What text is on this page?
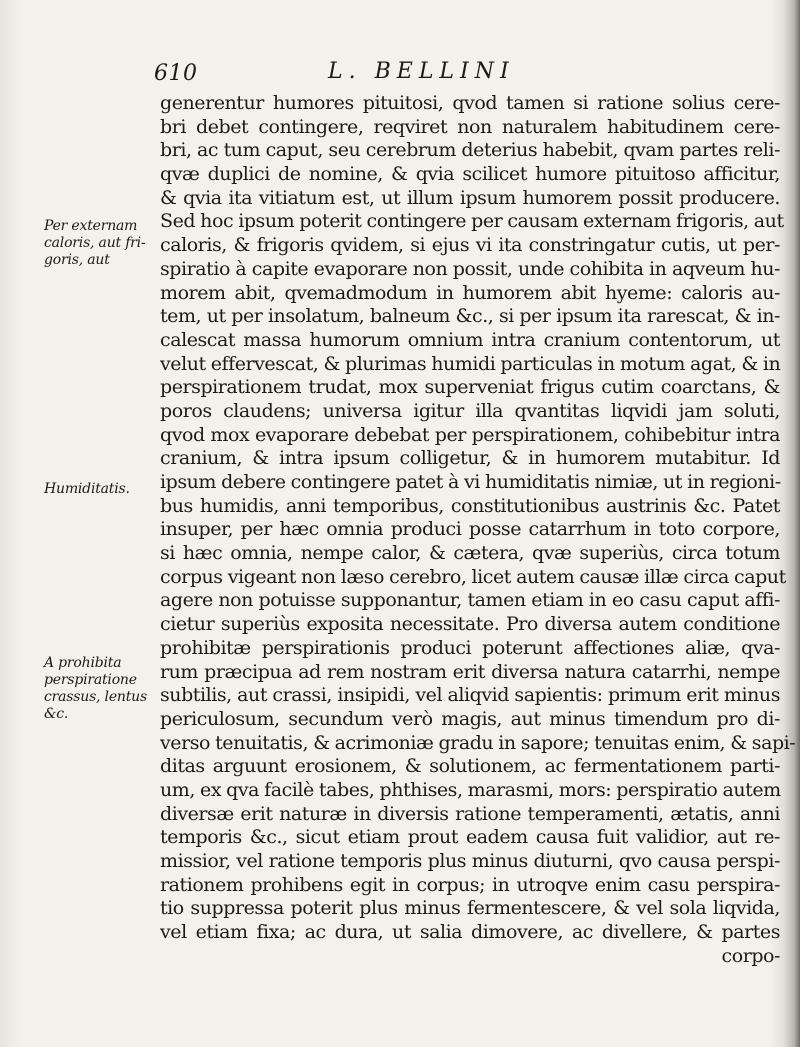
610	L. BELLINI
Per externam
caloris, aut fri-
goris, aut
Humiditatis.
A prohibita
perspiratione
crassus, lentus
&c.
generentur humores pituitosi, qvod tamen si ratione solius cere-
bri debet contingere, reqviret non naturalem habitudinem cere-
bri, ac tum caput, seu cerebrum deterius habebit, qvam partes reli-
qvæ duplici de nomine, & qvia scilicet humore pituitoso afficitur,
& qvia ita vitiatum est, ut illum ipsum humorem possit producere.
Sed hoc ipsum poterit contingere per causam externam frigoris, aut
caloris, & frigoris qvidem, si ejus vi ita constringatur cutis, ut per-
spiratio à capite evaporare non possit, unde cohibita in aqveum hu-
morem abit, qvemadmodum in humorem abit hyeme: caloris au-
tem, ut per insolatum, balneum &c., si per ipsum ita rarescat, & in-
calescat massa humorum omnium intra cranium contentorum, ut
velut effervescat, & plurimas humidi particulas in motum agat, & in
perspirationem trudat, mox superveniat frigus cutim coarctans, &
poros claudens; universa igitur illa qvantitas liqvidi jam soluti,
qvod mox evaporare debebat per perspirationem, cohibebitur intra
cranium, & intra ipsum colligetur, & in humorem mutabitur. Id
ipsum debere contingere patet à vi humiditatis nimiæ, ut in regioni-
bus humidis, anni temporibus, constitutionibus austrinis &c. Patet
insuper, per hæc omnia produci posse catarrhum in toto corpore,
si hæc omnia, nempe calor, & cætera, qvæ superiùs, circa totum
corpus vigeant non læso cerebro, licet autem causæ illæ circa caput
agere non potuisse supponantur, tamen etiam in eo casu caput affi-
cietur superiùs exposita necessitate. Pro diversa autem conditione
prohibitæ perspirationis produci poterunt affectiones aliæ, qva-
rum præcipua ad rem nostram erit diversa natura catarrhi, nempe
subtilis, aut crassi, insipidi, vel aliqvid sapientis: primum erit minus
periculosum, secundum verò magis, aut minus timendum pro di-
verso tenuitatis, & acrimoniæ gradu in sapore; tenuitas enim, & sapi-
ditas arguunt erosionem, & solutionem, ac fermentationem parti-
um, ex qva facilè tabes, phthises, marasmi, mors: perspiratio autem
diversæ erit naturæ in diversis ratione temperamenti, ætatis, anni
temporis &c., sicut etiam prout eadem causa fuit validior, aut re-
missior, vel ratione temporis plus minus diuturni, qvo causa perspi-
rationem prohibens egit in corpus; in utroqve enim casu perspira-
tio suppressa poterit plus minus fermentescere, & vel sola liqvida,
vel etiam fixa; ac dura, ut salia dimovere, ac divellere, & partes
corpo-
